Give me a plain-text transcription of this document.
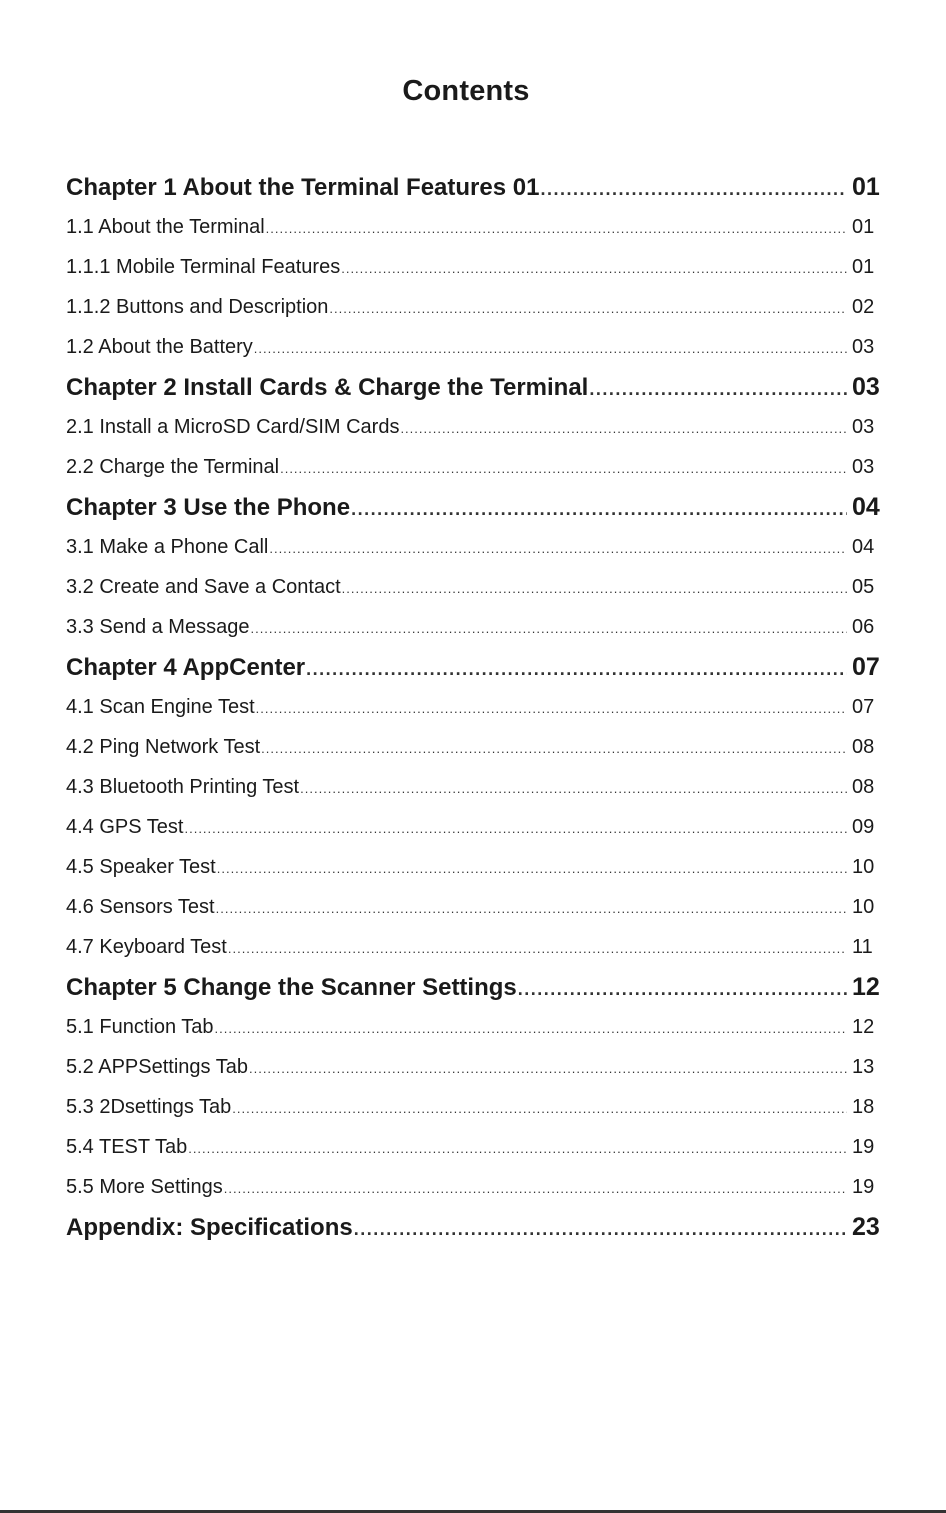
Contents
Chapter 1 About the Terminal Features 01 .....	01
1.1 About the Terminal .....	01
1.1.1 Mobile Terminal Features .....	01
1.1.2 Buttons and Description .....	02
1.2 About the Battery .....	03
Chapter 2 Install Cards & Charge the Terminal .....	03
2.1 Install a MicroSD Card/SIM Cards .....	03
2.2 Charge the Terminal .....	03
Chapter 3 Use the Phone .....	04
3.1 Make a Phone Call .....	04
3.2 Create and Save a Contact .....	05
3.3 Send a Message .....	06
Chapter 4 AppCenter .....	07
4.1 Scan Engine Test .....	07
4.2 Ping Network Test .....	08
4.3 Bluetooth Printing Test .....	08
4.4 GPS Test .....	09
4.5 Speaker Test .....	10
4.6 Sensors Test .....	10
4.7 Keyboard Test .....	11
Chapter 5 Change the Scanner Settings .....	12
5.1 Function Tab .....	12
5.2 APPSettings Tab .....	13
5.3 2Dsettings Tab .....	18
5.4 TEST Tab .....	19
5.5 More Settings .....	19
Appendix: Specifications .....	23
